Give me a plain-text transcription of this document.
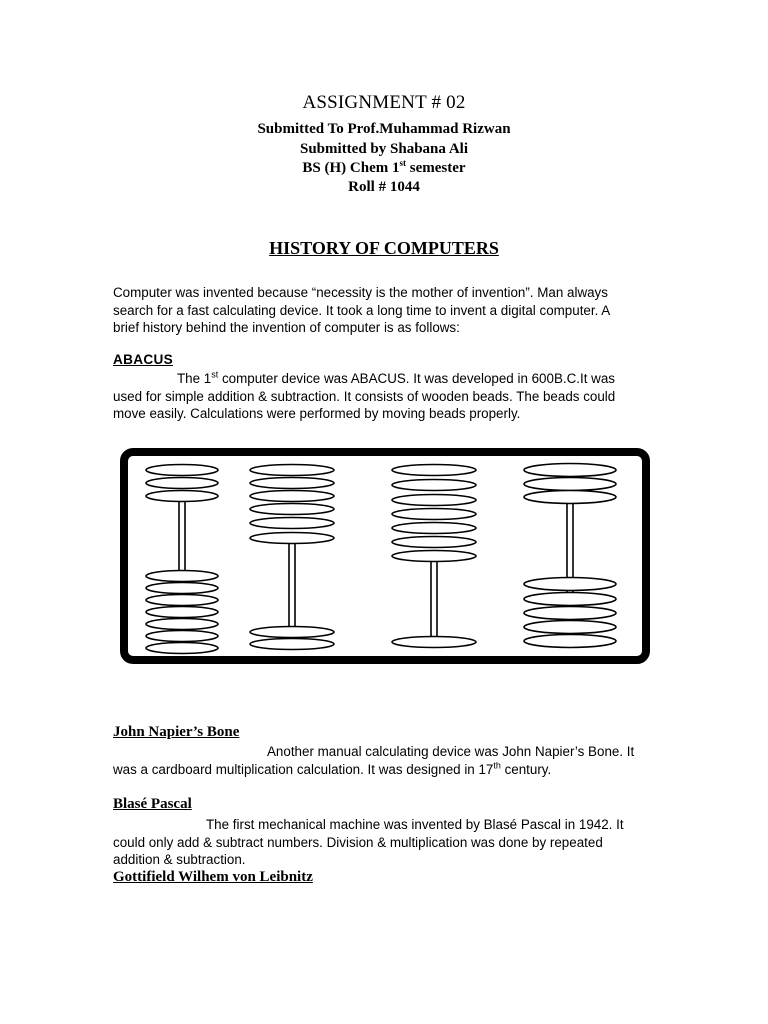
ASSIGNMENT # 02
Submitted To Prof.Muhammad Rizwan
Submitted by Shabana Ali
BS (H) Chem 1st semester
Roll # 1044
HISTORY OF COMPUTERS

Computer was invented because “necessity is the mother of invention”. Man always
search for a fast calculating device. It took a long time to invent a digital computer. A
brief history behind the invention of computer is as follows:

ABACUS

The 1st computer device was ABACUS. It was developed in 600B.C.It was
used for simple addition & subtraction. It consists of wooden beads. The beads could
move easily. Calculations were performed by moving beads properly.

John Napier’s Bone

Another manual calculating device was John Napier’s Bone. It
was a cardboard multiplication calculation. It was designed in 17th century.

Blasé Pascal

The first mechanical machine was invented by Blasé Pascal in 1942. It
could only add & subtract numbers. Division & multiplication was done by repeated
addition & subtraction.

Gottifield Wilhem von Leibnitz
